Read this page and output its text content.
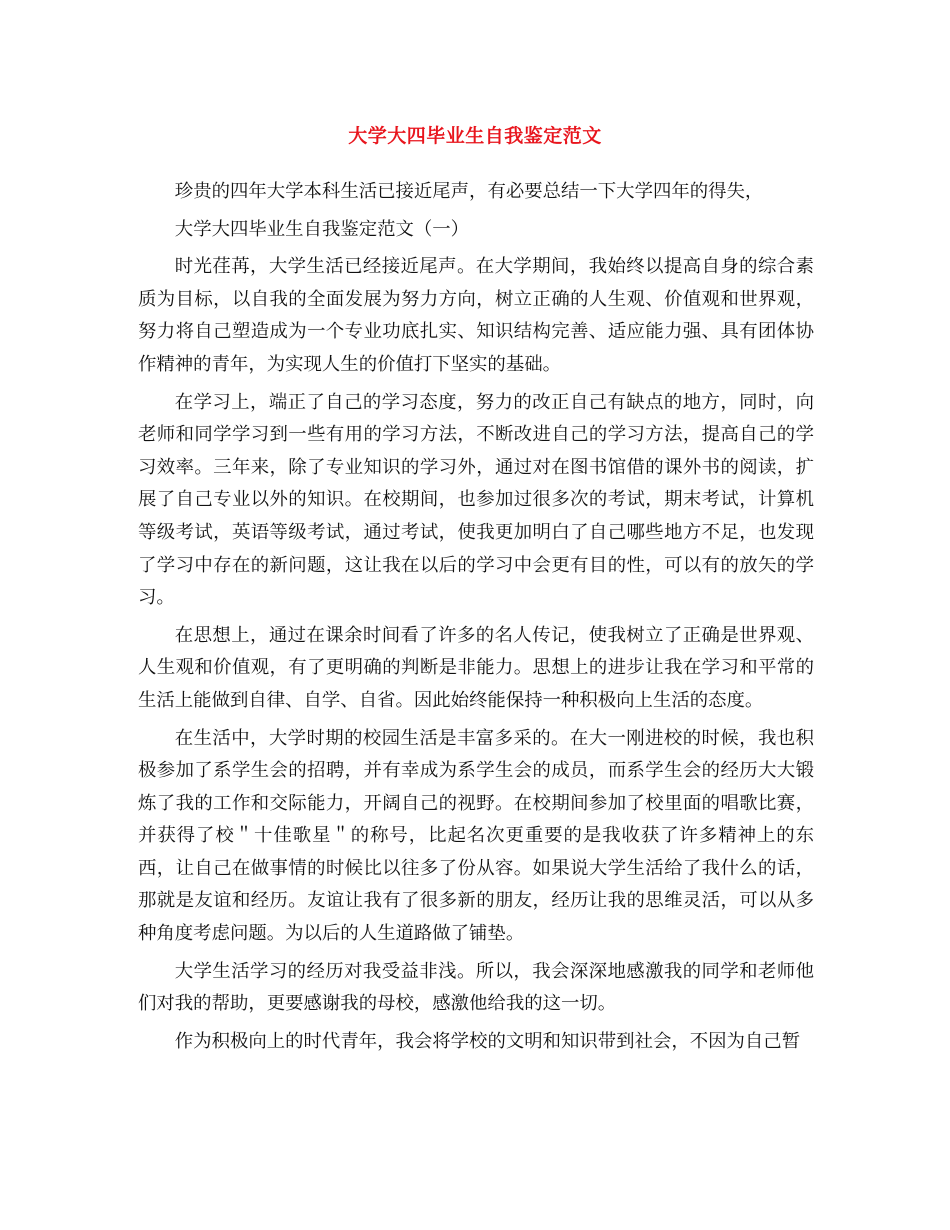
大学大四毕业生自我鉴定范文

珍贵的四年大学本科生活已接近尾声，有必要总结一下大学四年的得失，

大学大四毕业生自我鉴定范文（一）

时光荏苒，大学生活已经接近尾声。在大学期间，我始终以提高自身的综合素质为目标，以自我的全面发展为努力方向，树立正确的人生观、价值观和世界观，努力将自己塑造成为一个专业功底扎实、知识结构完善、适应能力强、具有团体协作精神的青年，为实现人生的价值打下坚实的基础。

在学习上，端正了自己的学习态度，努力的改正自己有缺点的地方，同时，向老师和同学学习到一些有用的学习方法，不断改进自己的学习方法，提高自己的学习效率。三年来，除了专业知识的学习外，通过对在图书馆借的课外书的阅读，扩展了自己专业以外的知识。在校期间，也参加过很多次的考试，期末考试，计算机等级考试，英语等级考试，通过考试，使我更加明白了自己哪些地方不足，也发现了学习中存在的新问题，这让我在以后的学习中会更有目的性，可以有的放矢的学习。

在思想上，通过在课余时间看了许多的名人传记，使我树立了正确是世界观、人生观和价值观，有了更明确的判断是非能力。思想上的进步让我在学习和平常的生活上能做到自律、自学、自省。因此始终能保持一种积极向上生活的态度。

在生活中，大学时期的校园生活是丰富多采的。在大一刚进校的时候，我也积极参加了系学生会的招聘，并有幸成为系学生会的成员，而系学生会的经历大大锻炼了我的工作和交际能力，开阔自己的视野。在校期间参加了校里面的唱歌比赛，并获得了校＂十佳歌星＂的称号，比起名次更重要的是我收获了许多精神上的东西，让自己在做事情的时候比以往多了份从容。如果说大学生活给了我什么的话，那就是友谊和经历。友谊让我有了很多新的朋友，经历让我的思维灵活，可以从多种角度考虑问题。为以后的人生道路做了铺垫。

大学生活学习的经历对我受益非浅。所以，我会深深地感激我的同学和老师他们对我的帮助，更要感谢我的母校，感激他给我的这一切。

作为积极向上的时代青年，我会将学校的文明和知识带到社会，不因为自己暂
